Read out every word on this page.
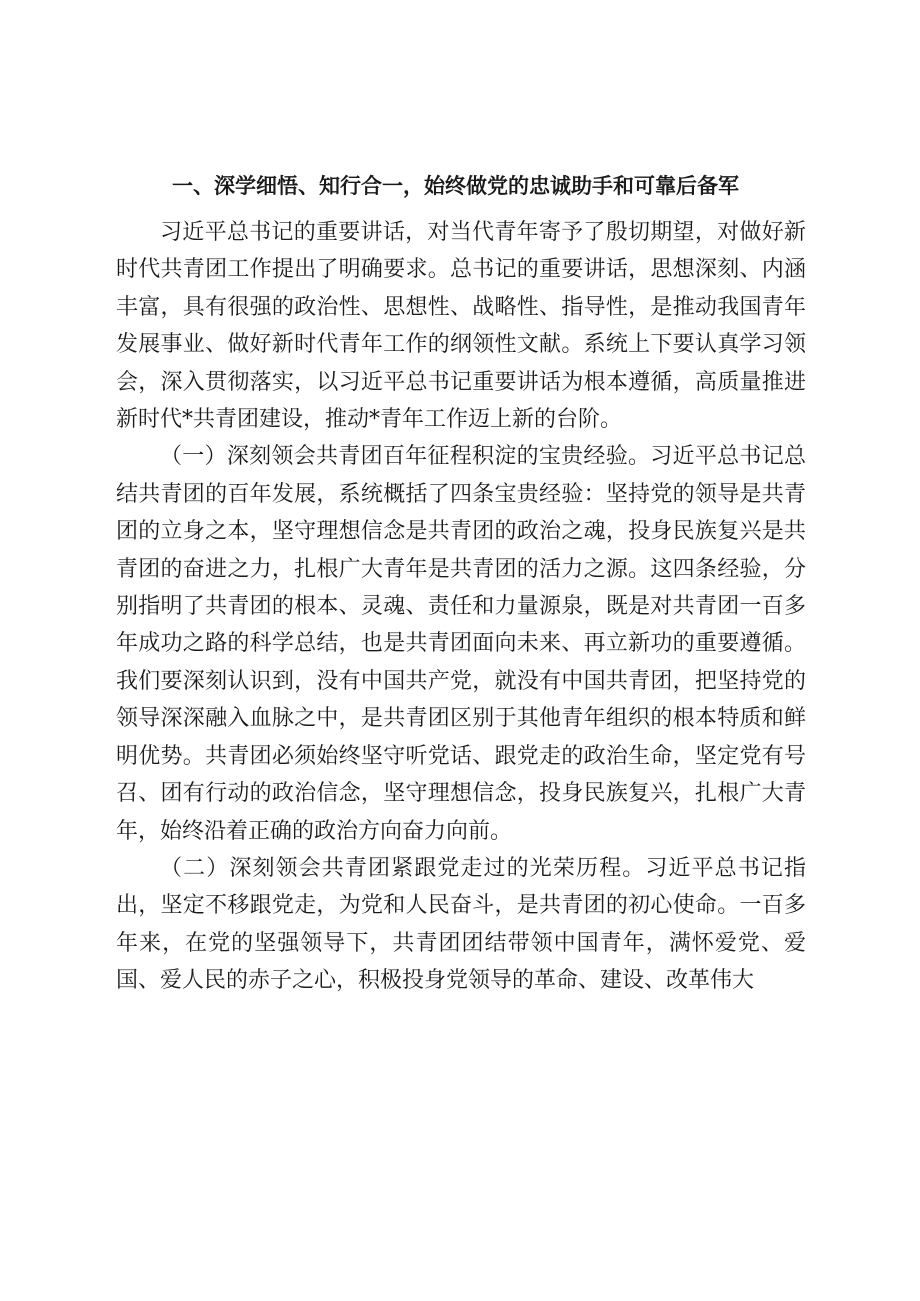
一、深学细悟、知行合一，始终做党的忠诚助手和可靠后备军

习近平总书记的重要讲话，对当代青年寄予了殷切期望，对做好新时代共青团工作提出了明确要求。总书记的重要讲话，思想深刻、内涵丰富，具有很强的政治性、思想性、战略性、指导性，是推动我国青年发展事业、做好新时代青年工作的纲领性文献。系统上下要认真学习领会，深入贯彻落实，以习近平总书记重要讲话为根本遵循，高质量推进新时代*共青团建设，推动*青年工作迈上新的台阶。

（一）深刻领会共青团百年征程积淀的宝贵经验。习近平总书记总结共青团的百年发展，系统概括了四条宝贵经验：坚持党的领导是共青团的立身之本，坚守理想信念是共青团的政治之魂，投身民族复兴是共青团的奋进之力，扎根广大青年是共青团的活力之源。这四条经验，分别指明了共青团的根本、灵魂、责任和力量源泉，既是对共青团一百多年成功之路的科学总结，也是共青团面向未来、再立新功的重要遵循。我们要深刻认识到，没有中国共产党，就没有中国共青团，把坚持党的领导深深融入血脉之中，是共青团区别于其他青年组织的根本特质和鲜明优势。共青团必须始终坚守听党话、跟党走的政治生命，坚定党有号召、团有行动的政治信念，坚守理想信念，投身民族复兴，扎根广大青年，始终沿着正确的政治方向奋力向前。

（二）深刻领会共青团紧跟党走过的光荣历程。习近平总书记指出，坚定不移跟党走，为党和人民奋斗，是共青团的初心使命。一百多年来，在党的坚强领导下，共青团团结带领中国青年，满怀爱党、爱国、爱人民的赤子之心，积极投身党领导的革命、建设、改革伟大
